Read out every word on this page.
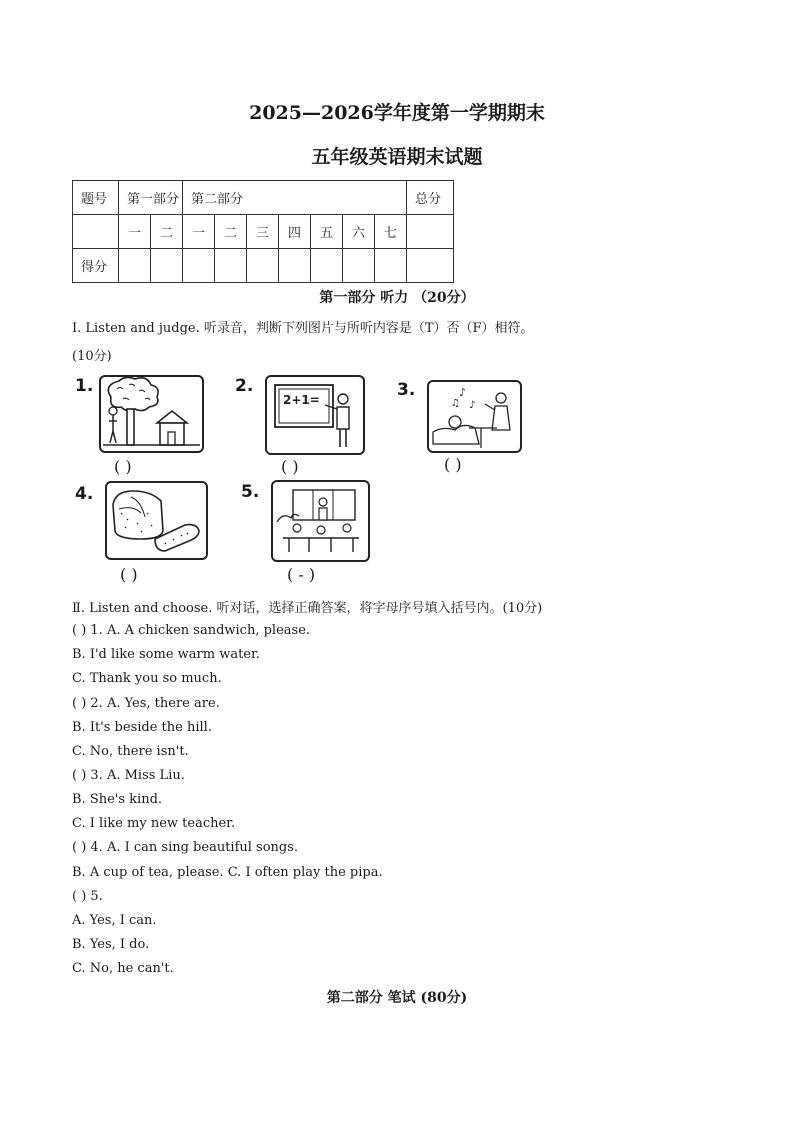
2025—2026学年度第一学期期末
五年级英语期末试题
题号	第一部分		第二部分							总分
	一	二	一	二	三	四	五	六	七	
得分										
第一部分 听力 （20分）
Ⅰ. Listen and judge. 听录音，判断下列图片与所听内容是（T）否（F）相符。
(10分)
1.
( )
2.
2+1=
( )
3.	♪
♫ ♪
( )
4.
( )
5.
( - )
Ⅱ. Listen and choose. 听对话，选择正确答案，将字母序号填入括号内。(10分)
( ) 1. A. A chicken sandwich, please.
B. I'd like some warm water.
C. Thank you so much.
( ) 2. A. Yes, there are.
B. It's beside the hill.
C. No, there isn't.
( ) 3. A. Miss Liu.
B. She's kind.
C. I like my new teacher.
( ) 4. A. I can sing beautiful songs.
B. A cup of tea, please. C. I often play the pipa.
( ) 5.
A. Yes, I can.
B. Yes, I do.
C. No, he can't.
第二部分 笔试 (80分)
